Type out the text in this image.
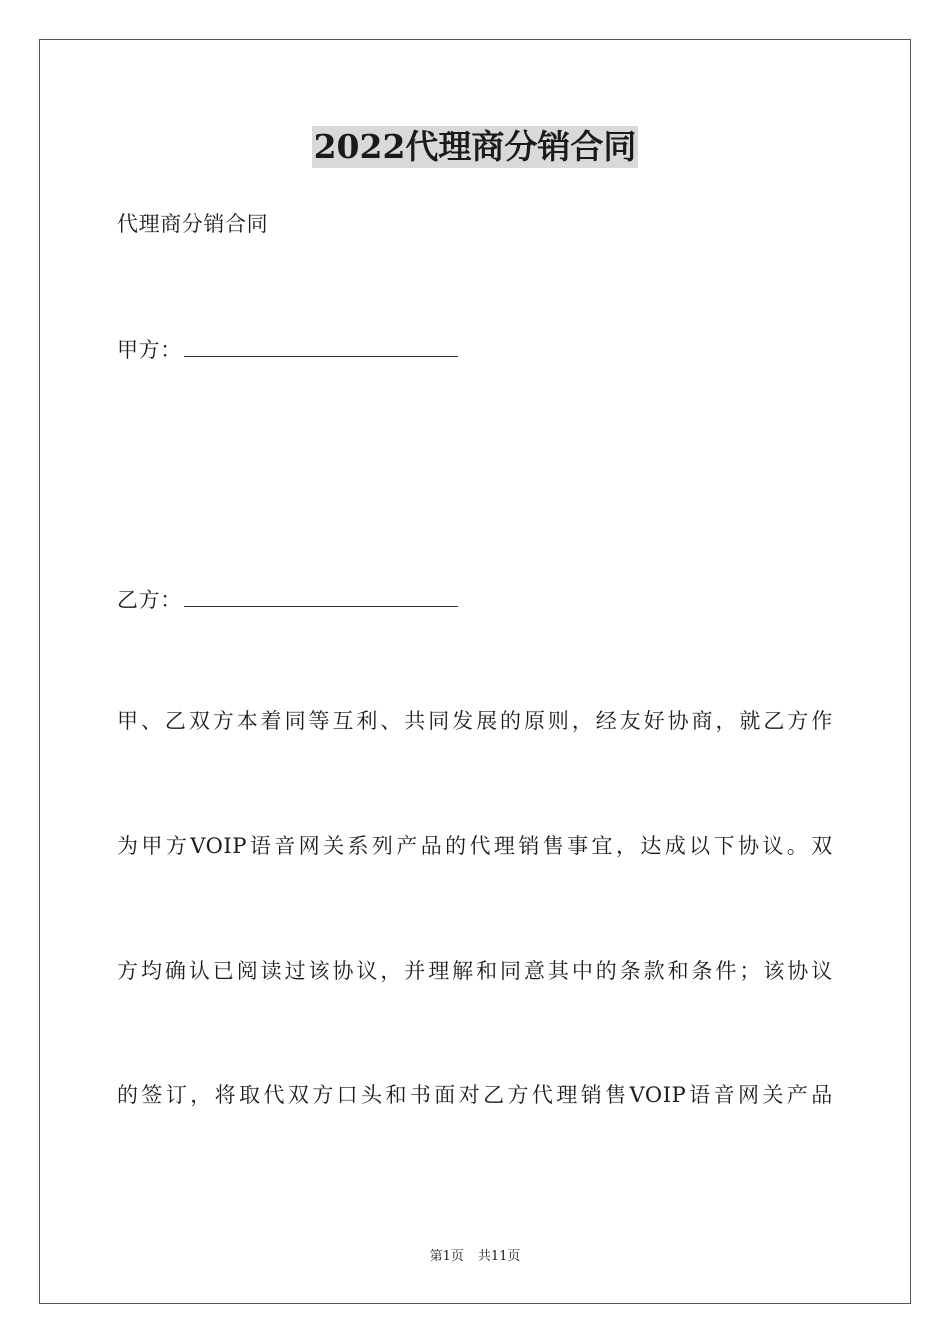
2022代理商分销合同
代理商分销合同
甲方：
乙方：
甲 、 乙 双 方 本 着 同 等 互 利 、 共 同 发 展 的 原 则 ， 经 友 好 协 商 ， 就 乙 方 作
为 甲 方 VOIP 语 音 网 关 系 列 产 品 的 代 理 销 售 事 宜 ， 达 成 以 下 协 议 。 双
方 均 确 认 已 阅 读 过 该 协 议 ， 并 理 解 和 同 意 其 中 的 条 款 和 条 件 ； 该 协 议
的 签 订 ， 将 取 代 双 方 口 头 和 书 面 对 乙 方 代 理 销 售 VOIP 语 音 网 关 产 品
第1页 共11页
